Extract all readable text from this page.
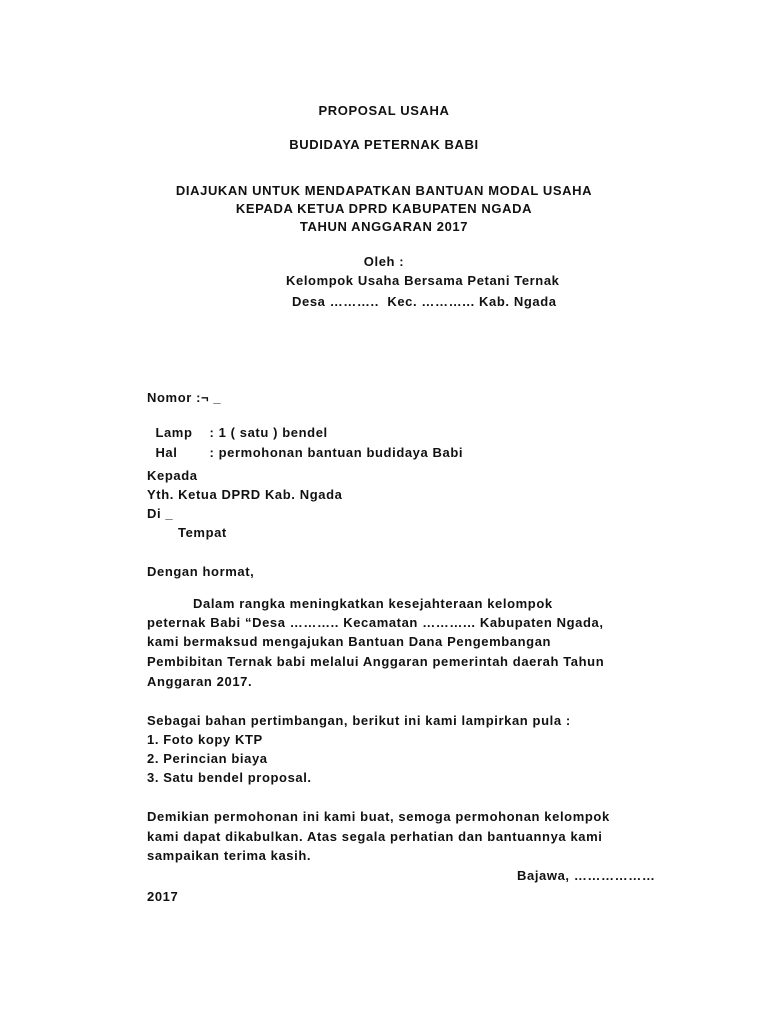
PROPOSAL USAHA
BUDIDAYA PETERNAK BABI
DIAJUKAN UNTUK MENDAPATKAN BANTUAN MODAL USAHA
KEPADA KETUA DPRD KABUPATEN NGADA
TAHUN ANGGARAN 2017
Oleh :
Kelompok Usaha Bersama Petani Ternak
Desa ………..  Kec. ………... Kab. Ngada
Nomor :¬ _

Lamp : 1 ( satu ) bendel

Hal : permohonan bantuan budidaya Babi

Kepada
Yth. Ketua DPRD Kab. Ngada
Di _
Tempat
Dengan hormat,
Dalam rangka meningkatkan kesejahteraan kelompok
peternak Babi “Desa ……….. Kecamatan ………... Kabupaten Ngada,
kami bermaksud mengajukan Bantuan Dana Pengembangan
Pembibitan Ternak babi melalui Anggaran pemerintah daerah Tahun
Anggaran 2017.
Sebagai bahan pertimbangan, berikut ini kami lampirkan pula :
1. Foto kopy KTP
2. Perincian biaya
3. Satu bendel proposal.
Demikian permohonan ini kami buat, semoga permohonan kelompok
kami dapat dikabulkan. Atas segala perhatian dan bantuannya kami
sampaikan terima kasih.
Bajawa, ………………
2017
